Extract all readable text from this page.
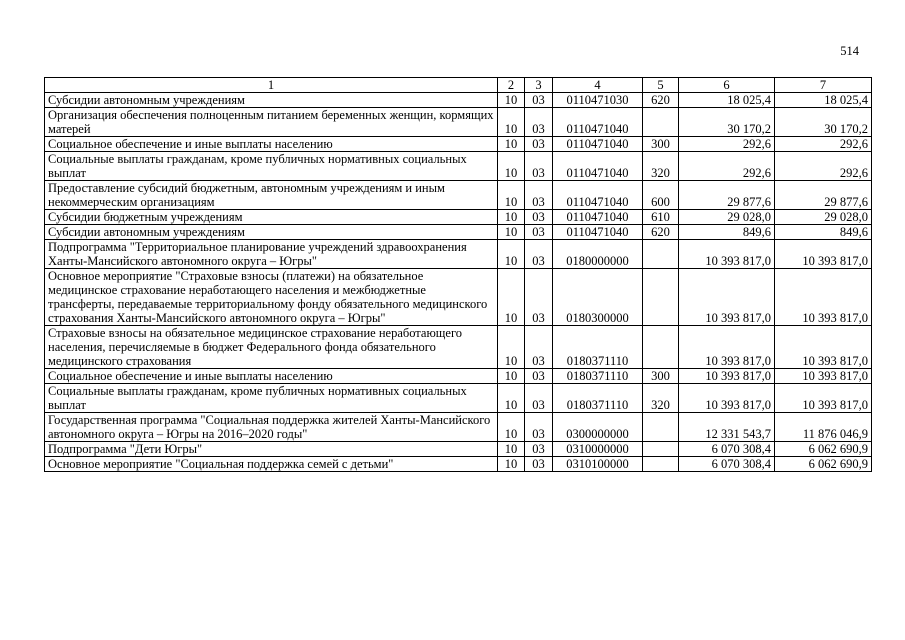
514
1	2	3	4	5	6	7
Субсидии автономным учреждениям	10	03	0110471030	620	18 025,4	18 025,4
Организация обеспечения полноценным питанием беременных женщин, кормящих матерей	10	03	0110471040		30 170,2	30 170,2
Социальное обеспечение и иные выплаты населению	10	03	0110471040	300	292,6	292,6
Социальные выплаты гражданам, кроме публичных нормативных социальных выплат	10	03	0110471040	320	292,6	292,6
Предоставление субсидий бюджетным, автономным учреждениям и иным некоммерческим организациям	10	03	0110471040	600	29 877,6	29 877,6
Субсидии бюджетным учреждениям	10	03	0110471040	610	29 028,0	29 028,0
Субсидии автономным учреждениям	10	03	0110471040	620	849,6	849,6
Подпрограмма "Территориальное планирование учреждений здравоохранения Ханты-Мансийского автономного округа – Югры"	10	03	0180000000		10 393 817,0	10 393 817,0
Основное мероприятие "Страховые взносы (платежи) на обязательное медицинское страхование неработающего населения и межбюджетные трансферты, передаваемые территориальному фонду обязательного медицинского страхования Ханты-Мансийского автономного округа – Югры"	10	03	0180300000		10 393 817,0	10 393 817,0
Страховые взносы на обязательное медицинское страхование неработающего населения, перечисляемые в бюджет Федерального фонда обязательного медицинского страхования	10	03	0180371110		10 393 817,0	10 393 817,0
Социальное обеспечение и иные выплаты населению	10	03	0180371110	300	10 393 817,0	10 393 817,0
Социальные выплаты гражданам, кроме публичных нормативных социальных выплат	10	03	0180371110	320	10 393 817,0	10 393 817,0
Государственная программа "Социальная поддержка жителей Ханты-Мансийского автономного округа – Югры на 2016–2020 годы"	10	03	0300000000		12 331 543,7	11 876 046,9
Подпрограмма "Дети Югры"	10	03	0310000000		6 070 308,4	6 062 690,9
Основное мероприятие "Социальная поддержка семей с детьми"	10	03	0310100000		6 070 308,4	6 062 690,9
